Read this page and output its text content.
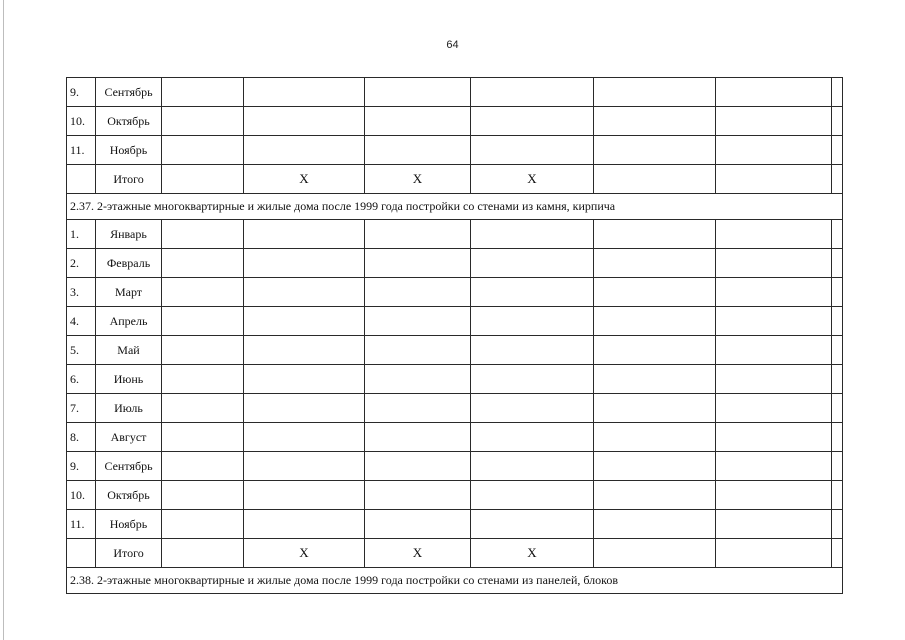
64
9.	Сентябрь							
10.	Октябрь							
11.	Ноябрь							
	Итого		X	X	X			
2.37. 2-этажные многоквартирные и жилые дома после 1999 года постройки со стенами из камня, кирпича								
1.	Январь							
2.	Февраль							
3.	Март							
4.	Апрель							
5.	Май							
6.	Июнь							
7.	Июль							
8.	Август							
9.	Сентябрь							
10.	Октябрь							
11.	Ноябрь							
	Итого		X	X	X			
2.38. 2-этажные многоквартирные и жилые дома после 1999 года постройки со стенами из панелей, блоков								
